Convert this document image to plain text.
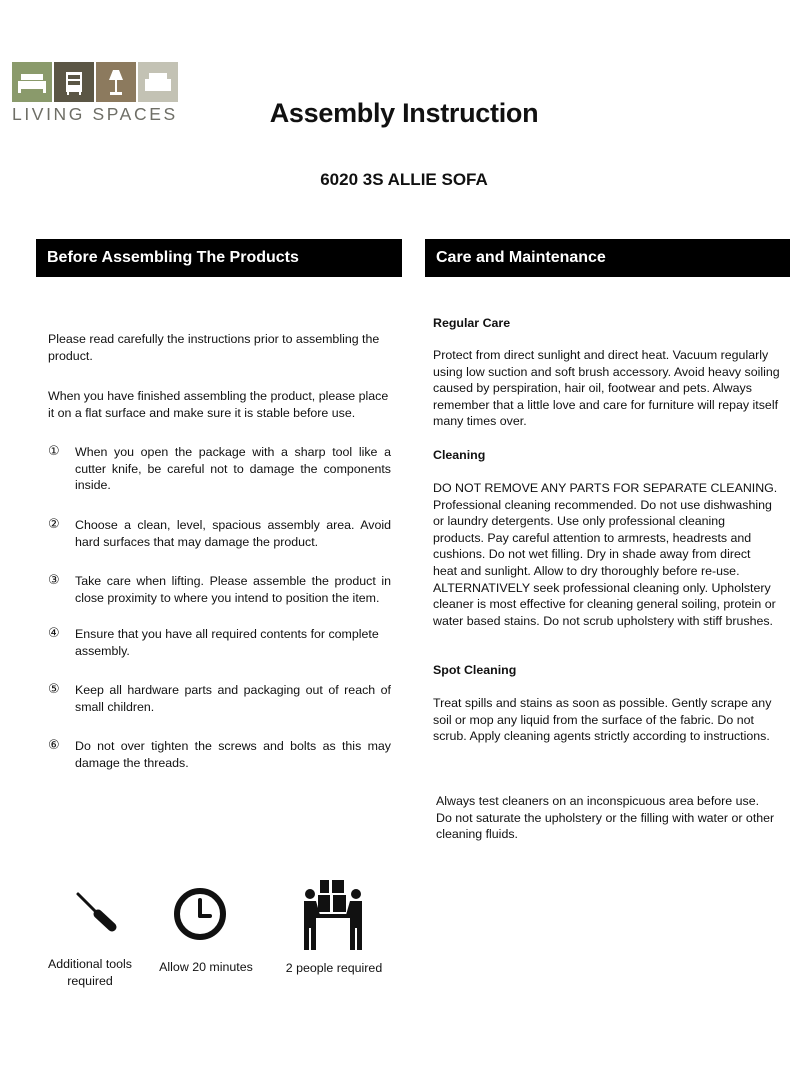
LIVING SPACES	Assembly Instruction
6020 3S ALLIE SOFA
Before Assembling The Products	Care and Maintenance
Please read carefully the instructions prior to assembling the product.
When you have finished assembling the product, please place it on a flat surface and make sure it is stable before use.
① When you open the package with a sharp tool like a cutter knife, be careful not to damage the components inside.
② Choose a clean, level, spacious assembly area. Avoid hard surfaces that may damage the product.
③ Take care when lifting. Please assemble the product in close proximity to where you intend to position the item.
④ Ensure that you have all required contents for complete assembly.
⑤ Keep all hardware parts and packaging out of reach of small children.
⑥ Do not over tighten the screws and bolts as this may damage the threads.
Regular Care
Protect from direct sunlight and direct heat. Vacuum regularly using low suction and soft brush accessory. Avoid heavy soiling caused by perspiration, hair oil, footwear and pets. Always remember that a little love and care for furniture will repay itself many times over.
Cleaning
DO NOT REMOVE ANY PARTS FOR SEPARATE CLEANING. Professional cleaning recommended. Do not use dishwashing or laundry detergents. Use only professional cleaning products. Pay careful attention to armrests, headrests and cushions. Do not wet filling. Dry in shade away from direct heat and sunlight. Allow to dry thoroughly before re-use. ALTERNATIVELY seek professional cleaning only. Upholstery cleaner is most effective for cleaning general soiling, protein or water based stains. Do not scrub upholstery with stiff brushes.
Spot Cleaning
Treat spills and stains as soon as possible. Gently scrape any soil or mop any liquid from the surface of the fabric. Do not scrub. Apply cleaning agents strictly according to instructions.
Always test cleaners on an inconspicuous area before use. Do not saturate the upholstery or the filling with water or other cleaning fluids.
Additional tools required
Allow 20 minutes	2 people required
